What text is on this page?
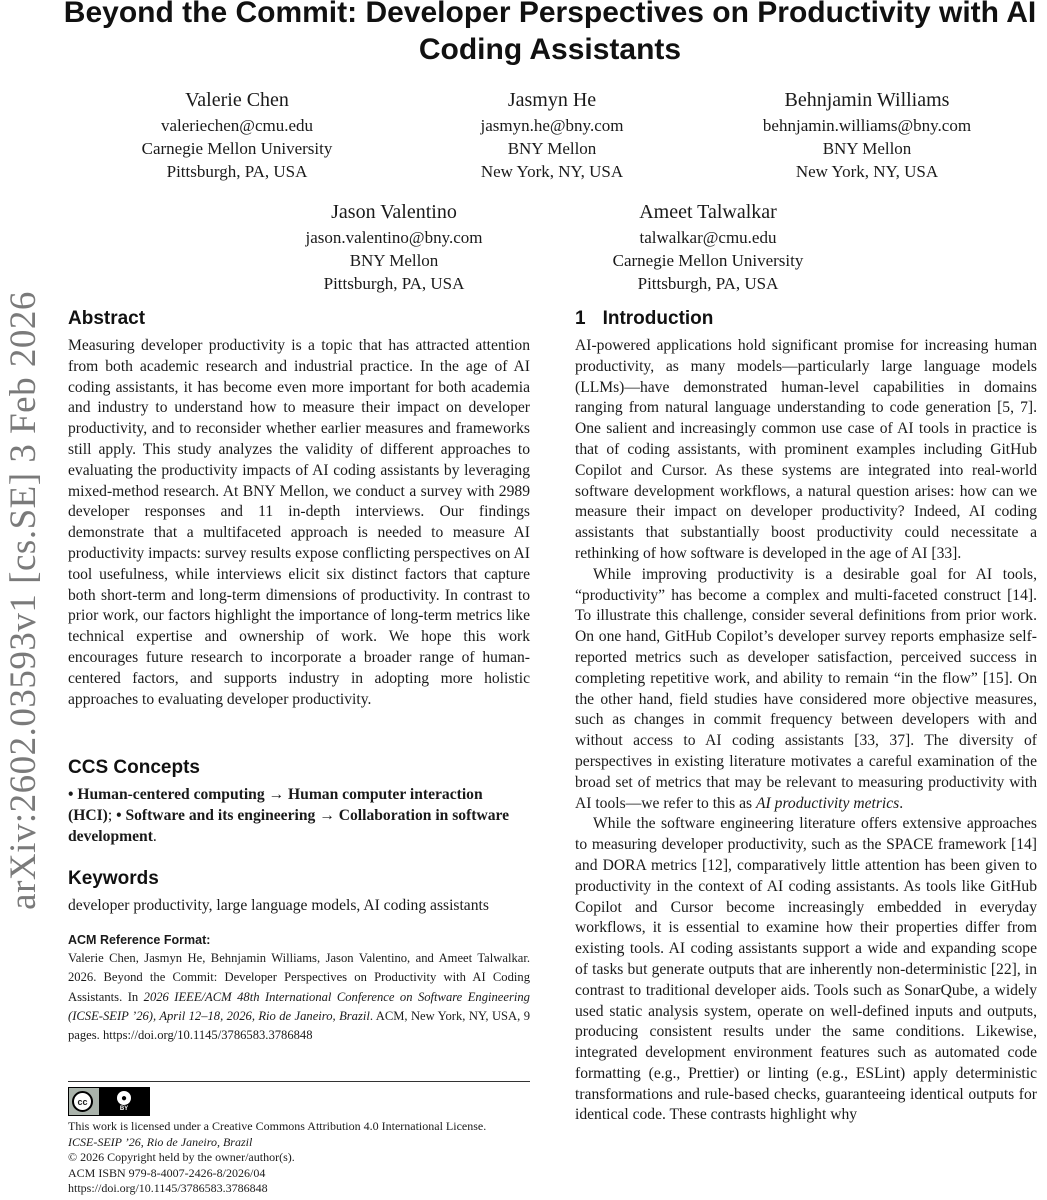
arXiv:2602.03593v1 [cs.SE] 3 Feb 2026
Beyond the Commit: Developer Perspectives on Productivity with AI Coding Assistants
Valerie Chen
valeriechen@cmu.edu
Carnegie Mellon University
Pittsburgh, PA, USA
Jasmyn He
jasmyn.he@bny.com
BNY Mellon
New York, NY, USA
Behnjamin Williams
behnjamin.williams@bny.com
BNY Mellon
New York, NY, USA
Jason Valentino
jason.valentino@bny.com
BNY Mellon
Pittsburgh, PA, USA
Ameet Talwalkar
talwalkar@cmu.edu
Carnegie Mellon University
Pittsburgh, PA, USA
Abstract

Measuring developer productivity is a topic that has attracted attention from both academic research and industrial practice. In the age of AI coding assistants, it has become even more important for both academia and industry to understand how to measure their impact on developer productivity, and to reconsider whether earlier measures and frameworks still apply. This study analyzes the validity of different approaches to evaluating the productivity impacts of AI coding assistants by leveraging mixed-method research. At BNY Mellon, we conduct a survey with 2989 developer responses and 11 in-depth interviews. Our findings demonstrate that a multifaceted approach is needed to measure AI productivity impacts: survey results expose conflicting perspectives on AI tool usefulness, while interviews elicit six distinct factors that capture both short-term and long-term dimensions of productivity. In contrast to prior work, our factors highlight the importance of long-term metrics like technical expertise and ownership of work. We hope this work encourages future research to incorporate a broader range of human-centered factors, and supports industry in adopting more holistic approaches to evaluating developer productivity.

CCS Concepts

• Human-centered computing → Human computer interaction (HCI); • Software and its engineering → Collaboration in software development.

Keywords

developer productivity, large language models, AI coding assistants

ACM Reference Format:

Valerie Chen, Jasmyn He, Behnjamin Williams, Jason Valentino, and Ameet Talwalkar. 2026. Beyond the Commit: Developer Perspectives on Productivity with AI Coding Assistants. In 2026 IEEE/ACM 48th International Conference on Software Engineering (ICSE-SEIP ’26), April 12–18, 2026, Rio de Janeiro, Brazil. ACM, New York, NY, USA, 9 pages. https://doi.org/10.1145/3786583.3786848

cc	●
BY
This work is licensed under a Creative Commons Attribution 4.0 International License.
ICSE-SEIP ’26, Rio de Janeiro, Brazil
© 2026 Copyright held by the owner/author(s).
ACM ISBN 979-8-4007-2426-8/2026/04
https://doi.org/10.1145/3786583.3786848
1 Introduction

AI-powered applications hold significant promise for increasing human productivity, as many models—particularly large language models (LLMs)—have demonstrated human-level capabilities in domains ranging from natural language understanding to code generation [5, 7]. One salient and increasingly common use case of AI tools in practice is that of coding assistants, with prominent examples including GitHub Copilot and Cursor. As these systems are integrated into real-world software development workflows, a natural question arises: how can we measure their impact on developer productivity? Indeed, AI coding assistants that substantially boost productivity could necessitate a rethinking of how software is developed in the age of AI [33].

While improving productivity is a desirable goal for AI tools, “productivity” has become a complex and multi-faceted construct [14]. To illustrate this challenge, consider several definitions from prior work. On one hand, GitHub Copilot’s developer survey reports emphasize self-reported metrics such as developer satisfaction, perceived success in completing repetitive work, and ability to remain “in the flow” [15]. On the other hand, field studies have considered more objective measures, such as changes in commit frequency between developers with and without access to AI coding assistants [33, 37]. The diversity of perspectives in existing literature motivates a careful examination of the broad set of metrics that may be relevant to measuring productivity with AI tools—we refer to this as AI productivity metrics.

While the software engineering literature offers extensive approaches to measuring developer productivity, such as the SPACE framework [14] and DORA metrics [12], comparatively little attention has been given to productivity in the context of AI coding assistants. As tools like GitHub Copilot and Cursor become increasingly embedded in everyday workflows, it is essential to examine how their properties differ from existing tools. AI coding assistants support a wide and expanding scope of tasks but generate outputs that are inherently non-deterministic [22], in contrast to traditional developer aids. Tools such as SonarQube, a widely used static analysis system, operate on well-defined inputs and outputs, producing consistent results under the same conditions. Likewise, integrated development environment features such as automated code formatting (e.g., Prettier) or linting (e.g., ESLint) apply deterministic transformations and rule-based checks, guaranteeing identical outputs for identical code. These contrasts highlight why
